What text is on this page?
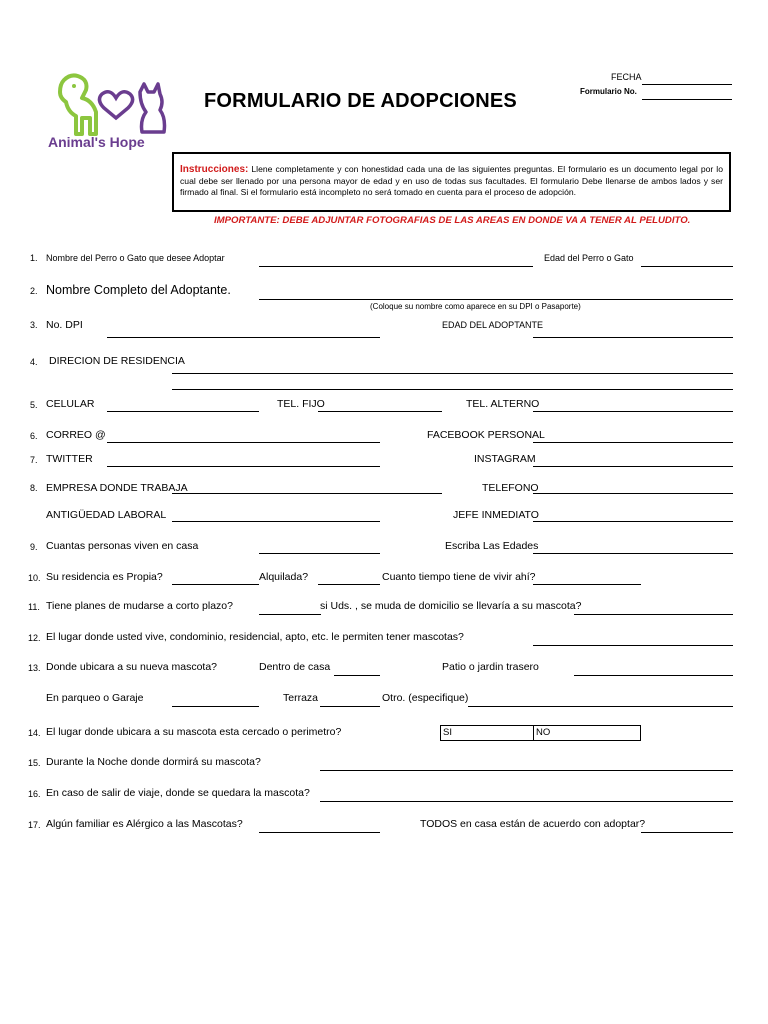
Animal's Hope
FORMULARIO DE ADOPCIONES
FECHA
Formulario No.
Instrucciones: Llene completamente y con honestidad cada una de las siguientes preguntas. El formulario es un documento legal por lo cual debe ser llenado por una persona mayor de edad y en uso de todas sus facultades. El formulario Debe llenarse de ambos lados y ser firmado al final. Si el formulario está incompleto no será tomado en cuenta para el proceso de adopción.
IMPORTANTE: DEBE ADJUNTAR FOTOGRAFIAS DE LAS AREAS EN DONDE VA A TENER AL PELUDITO.
1. Nombre del Perro o Gato que desee Adoptar	Edad del Perro o Gato
2. Nombre Completo del Adoptante.
(Coloque su nombre como aparece en su DPI o Pasaporte)
3. No. DPI	EDAD DEL ADOPTANTE
4. DIRECION DE RESIDENCIA
5. CELULAR	TEL. FIJO	TEL. ALTERNO
6. CORREO @	FACEBOOK PERSONAL
7. TWITTER	INSTAGRAM
8. EMPRESA DONDE TRABAJA	TELEFONO
ANTIGÜEDAD LABORAL	JEFE INMEDIATO
9. Cuantas personas viven en casa	Escriba Las Edades
10. Su residencia es Propia?	Alquilada?	Cuanto tiempo tiene de vivir ahí?
11. Tiene planes de mudarse a corto plazo?	si Uds. , se muda de domicilio se llevaría a su mascota?
12. El lugar donde usted vive, condominio, residencial, apto, etc. le permiten tener mascotas?
13. Donde ubicara a su nueva mascota?	Dentro de casa	Patio o jardin trasero
En parqueo o Garaje	Terraza	Otro. (especifique)
14. El lugar donde ubicara a su mascota esta cercado o perimetro?	SI	NO
15. Durante la Noche donde dormirá su mascota?
16. En caso de salir de viaje, donde se quedara la mascota?
17. Algún familiar es Alérgico a las Mascotas?	TODOS en casa están de acuerdo con adoptar?
